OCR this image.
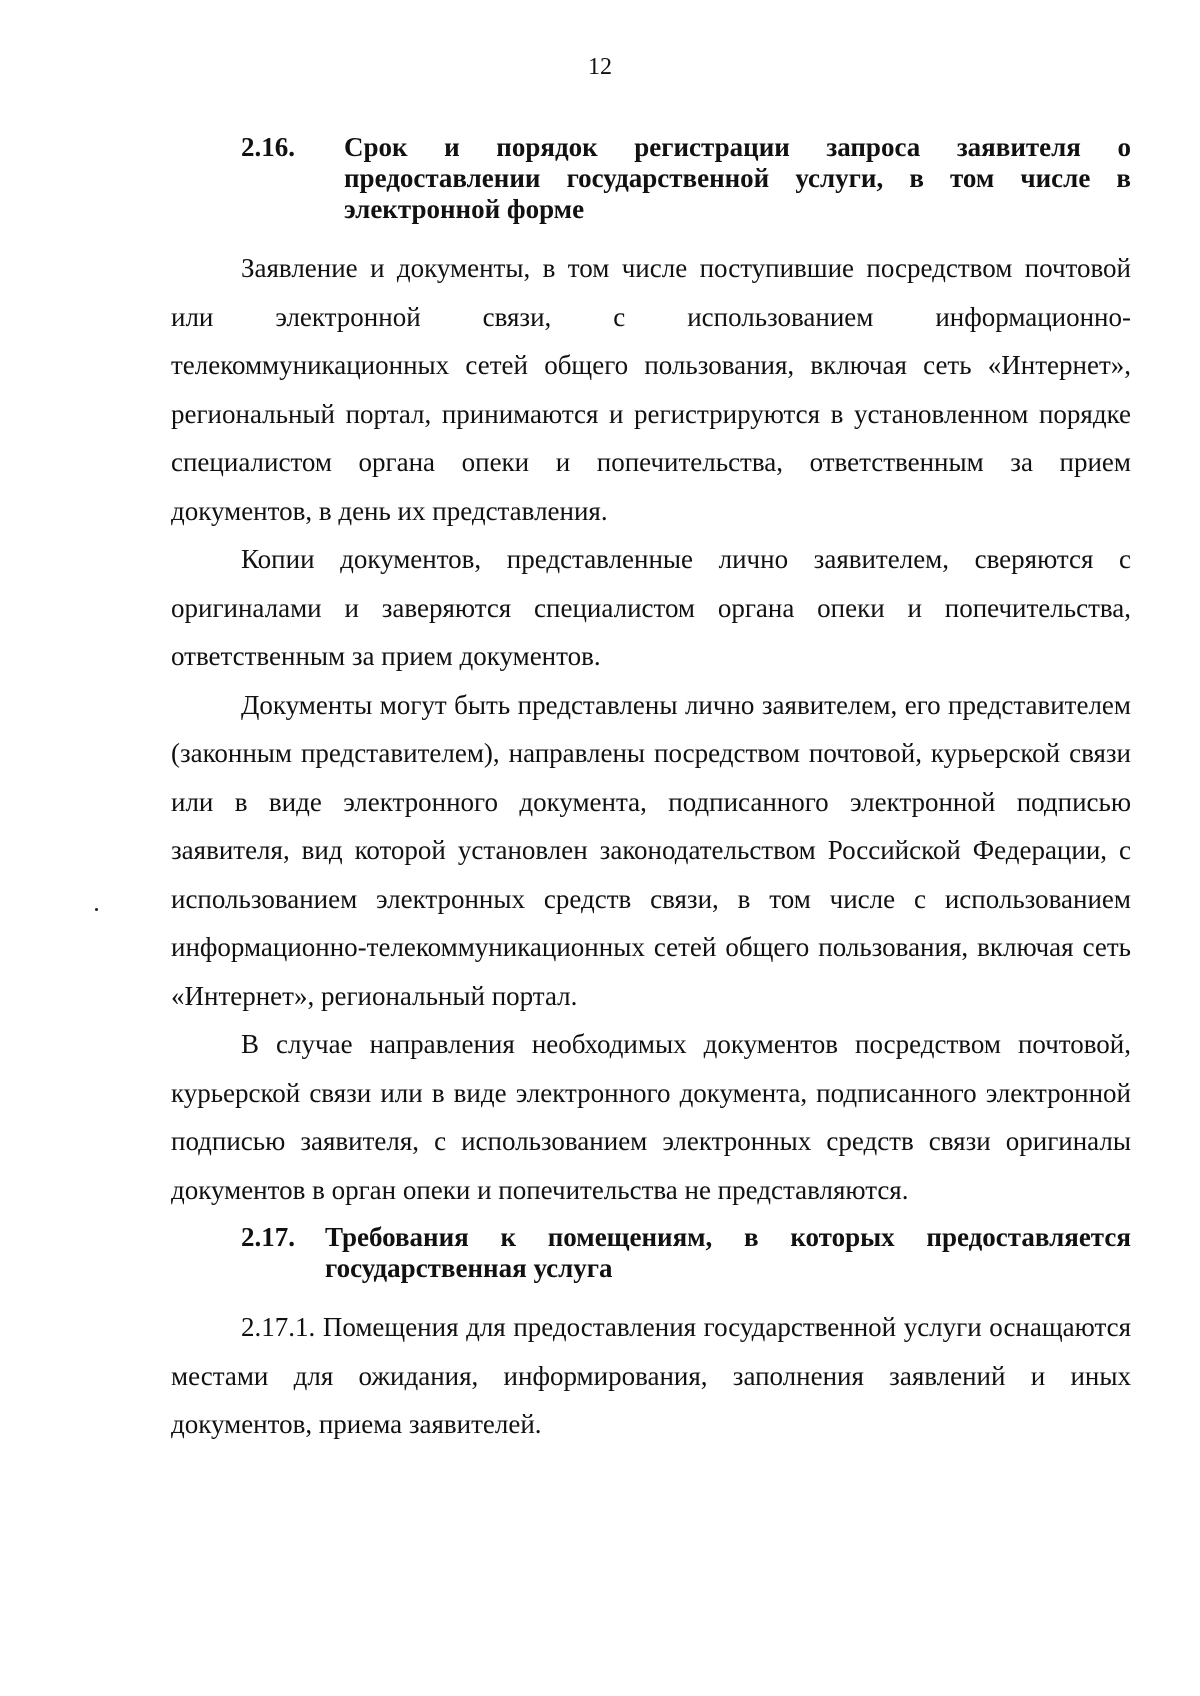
12
2.16.	Срок и порядок регистрации запроса заявителя о предоставлении государственной услуги, в том числе в электронной форме

Заявление и документы, в том числе поступившие посредством почтовой или электронной связи, с использованием информационно-телекоммуникационных сетей общего пользования, включая сеть «Интернет», региональный портал, принимаются и регистрируются в установленном порядке специалистом органа опеки и попечительства, ответственным за прием документов, в день их представления.

Копии документов, представленные лично заявителем, сверяются с оригиналами и заверяются специалистом органа опеки и попечительства, ответственным за прием документов.

Документы могут быть представлены лично заявителем, его представителем (законным представителем), направлены посредством почтовой, курьерской связи или в виде электронного документа, подписанного электронной подписью заявителя, вид которой установлен законодательством Российской Федерации, с использованием электронных средств связи, в том числе с использованием информационно-телекоммуникационных сетей общего пользования, включая сеть «Интернет», региональный портал.

В случае направления необходимых документов посредством почтовой, курьерской связи или в виде электронного документа, подписанного электронной подписью заявителя, с использованием электронных средств связи оригиналы документов в орган опеки и попечительства не представляются.

2.17.	Требования к помещениям, в которых предоставляется государственная услуга

2.17.1. Помещения для предоставления государственной услуги оснащаются местами для ожидания, информирования, заполнения заявлений и иных документов, приема заявителей.
